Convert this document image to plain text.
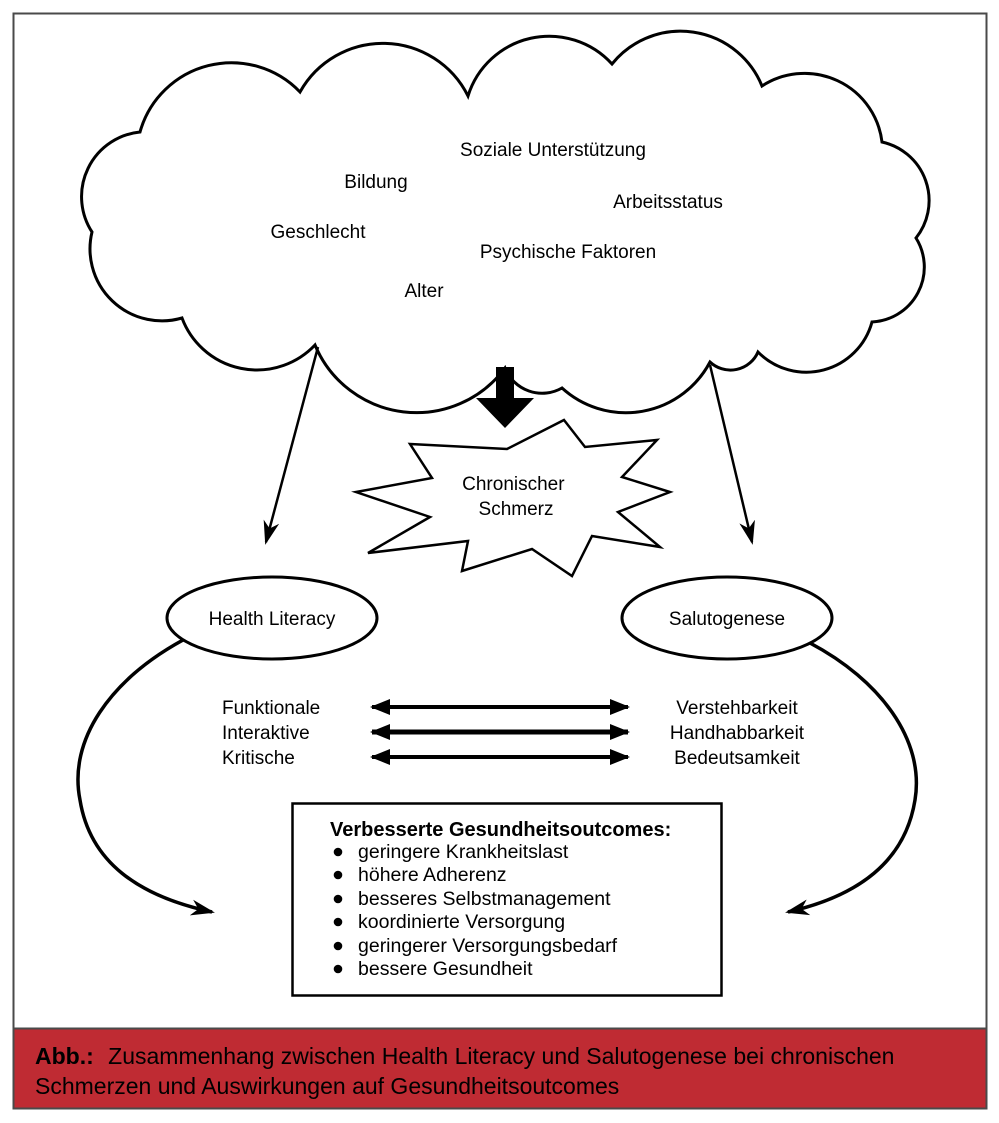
Soziale Unterstützung
Bildung
Arbeitsstatus
Geschlecht
Psychische Faktoren
Alter
Chronischer Schmerz
Health Literacy	Salutogenese
Funktionale
Interaktive
Kritische
Verstehbarkeit
Handhabbarkeit
Bedeutsamkeit
Verbesserte Gesundheitsoutcomes:
geringere Krankheitslast
höhere Adherenz
besseres Selbstmanagement
koordinierte Versorgung
geringerer Versorgungsbedarf
bessere Gesundheit
Abb.: Zusammenhang zwischen Health Literacy und Salutogenese bei chronischen
Schmerzen und Auswirkungen auf Gesundheitsoutcomes
